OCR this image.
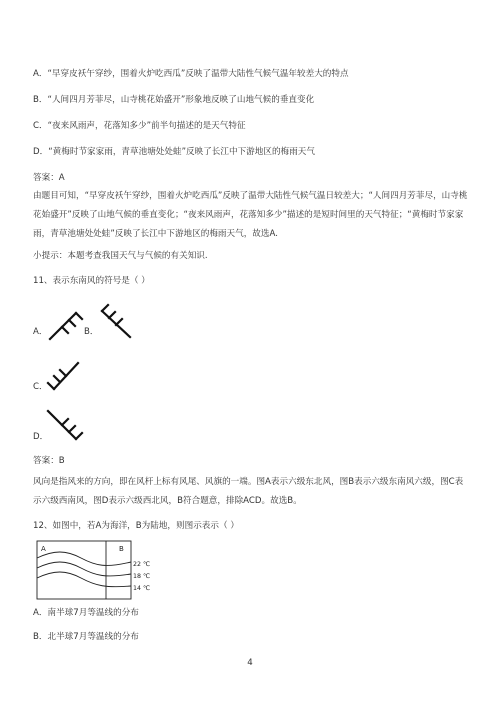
A．“早穿皮袄午穿纱，围着火炉吃西瓜”反映了温带大陆性气候气温年较差大的特点
B．“人间四月芳菲尽，山寺桃花始盛开”形象地反映了山地气候的垂直变化
C．“夜来风雨声，花落知多少”前半句描述的是天气特征
D．“黄梅时节家家雨，青草池塘处处蛙”反映了长江中下游地区的梅雨天气
答案：A
由题目可知，“早穿皮袄午穿纱，围着火炉吃西瓜”反映了温带大陆性气候气温日较差大；“人间四月芳菲尽，山寺桃花始盛开”反映了山地气候的垂直变化；“夜来风雨声，花落知多少”描述的是短时间里的天气特征；“黄梅时节家家雨，青草池塘处处蛙”反映了长江中下游地区的梅雨天气，故选A.
小提示：本题考查我国天气与气候的有关知识.
11、表示东南风的符号是（ ）
A．	B．
C．
D．
答案：B
风向是指风来的方向，即在风杆上标有风尾、风旗的一端。图A表示六级东北风，图B表示六级东南风六级，图C表示六级西南风，图D表示六级西北风，B符合题意，排除ACD。故选B。
12、如图中，若A为海洋，B为陆地，则图示表示（ ）
A	B
22 ℃
18 ℃
14 ℃
A．南半球7月等温线的分布
B．北半球7月等温线的分布
4
